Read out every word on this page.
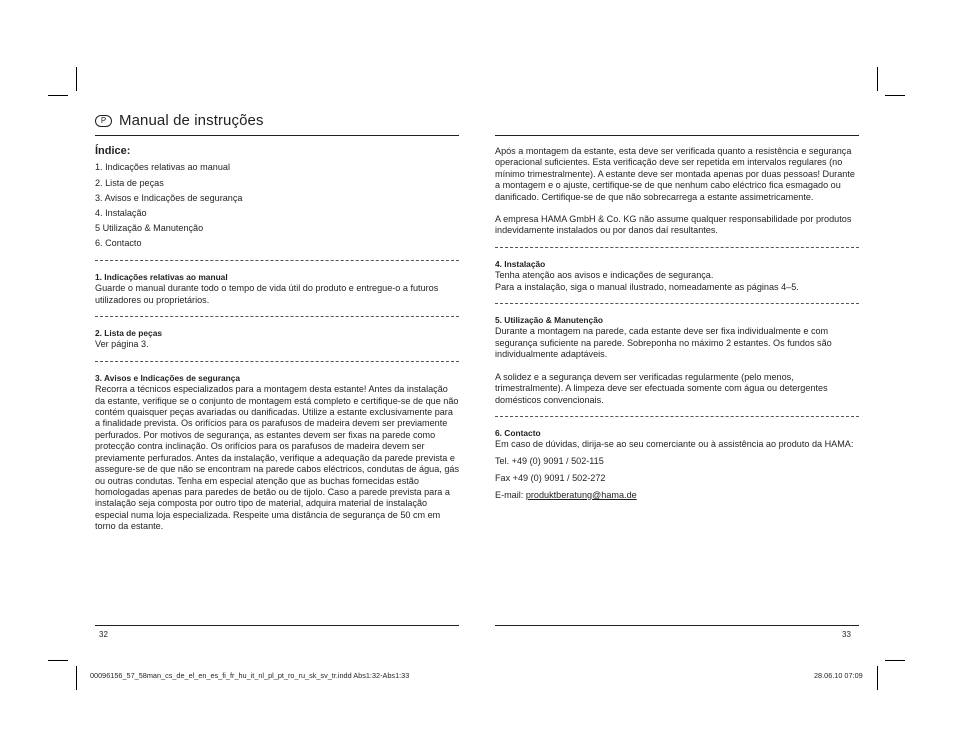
P Manual de instruções
Índice:
1. Indicações relativas ao manual
2. Lista de peças
3. Avisos e Indicações de segurança
4. Instalação
5 Utilização & Manutenção
6. Contacto
1. Indicações relativas ao manual
Guarde o manual durante todo o tempo de vida útil do produto e entregue-o a futuros utilizadores ou proprietários.
2. Lista de peças
Ver página 3.
3. Avisos e Indicações de segurança
Recorra a técnicos especializados para a montagem desta estante! Antes da instalação da estante, verifique se o conjunto de montagem está completo e certifique-se de que não contém quaisquer peças avariadas ou danificadas. Utilize a estante exclusivamente para a finalidade prevista. Os orifícios para os parafusos de madeira devem ser previamente perfurados. Por motivos de segurança, as estantes devem ser fixas na parede como protecção contra inclinação. Os orifícios para os parafusos de madeira devem ser previamente perfurados. Antes da instalação, verifique a adequação da parede prevista e assegure-se de que não se encontram na parede cabos eléctricos, condutas de água, gás ou outras condutas. Tenha em especial atenção que as buchas fornecidas estão homologadas apenas para paredes de betão ou de tijolo. Caso a parede prevista para a instalação seja composta por outro tipo de material, adquira material de instalação especial numa loja especializada. Respeite uma distância de segurança de 50 cm em torno da estante.
32
Após a montagem da estante, esta deve ser verificada quanto a resistência e segurança operacional suficientes. Esta verificação deve ser repetida em intervalos regulares (no mínimo trimestralmente). A estante deve ser montada apenas por duas pessoas! Durante a montagem e o ajuste, certifique-se de que nenhum cabo eléctrico fica esmagado ou danificado. Certifique-se de que não sobrecarrega a estante assimetricamente.
A empresa HAMA GmbH & Co. KG não assume qualquer responsabilidade por produtos indevidamente instalados ou por danos daí resultantes.
4. Instalação
Tenha atenção aos avisos e indicações de segurança.
Para a instalação, siga o manual ilustrado, nomeadamente as páginas 4–5.
5. Utilização & Manutenção
Durante a montagem na parede, cada estante deve ser fixa individualmente e com segurança suficiente na parede. Sobreponha no máximo 2 estantes. Os fundos são individualmente adaptáveis.
A solidez e a segurança devem ser verificadas regularmente (pelo menos, trimestralmente). A limpeza deve ser efectuada somente com água ou detergentes domésticos convencionais.
6. Contacto
Em caso de dúvidas, dirija-se ao seu comerciante ou à assistência ao produto da HAMA:
Tel. +49 (0) 9091 / 502-115
Fax +49 (0) 9091 / 502-272
E-mail: produktberatung@hama.de
33
00096156_57_58man_cs_de_el_en_es_fi_fr_hu_it_nl_pl_pt_ro_ru_sk_sv_tr.indd Abs1:32-Abs1:33	28.06.10 07:09
